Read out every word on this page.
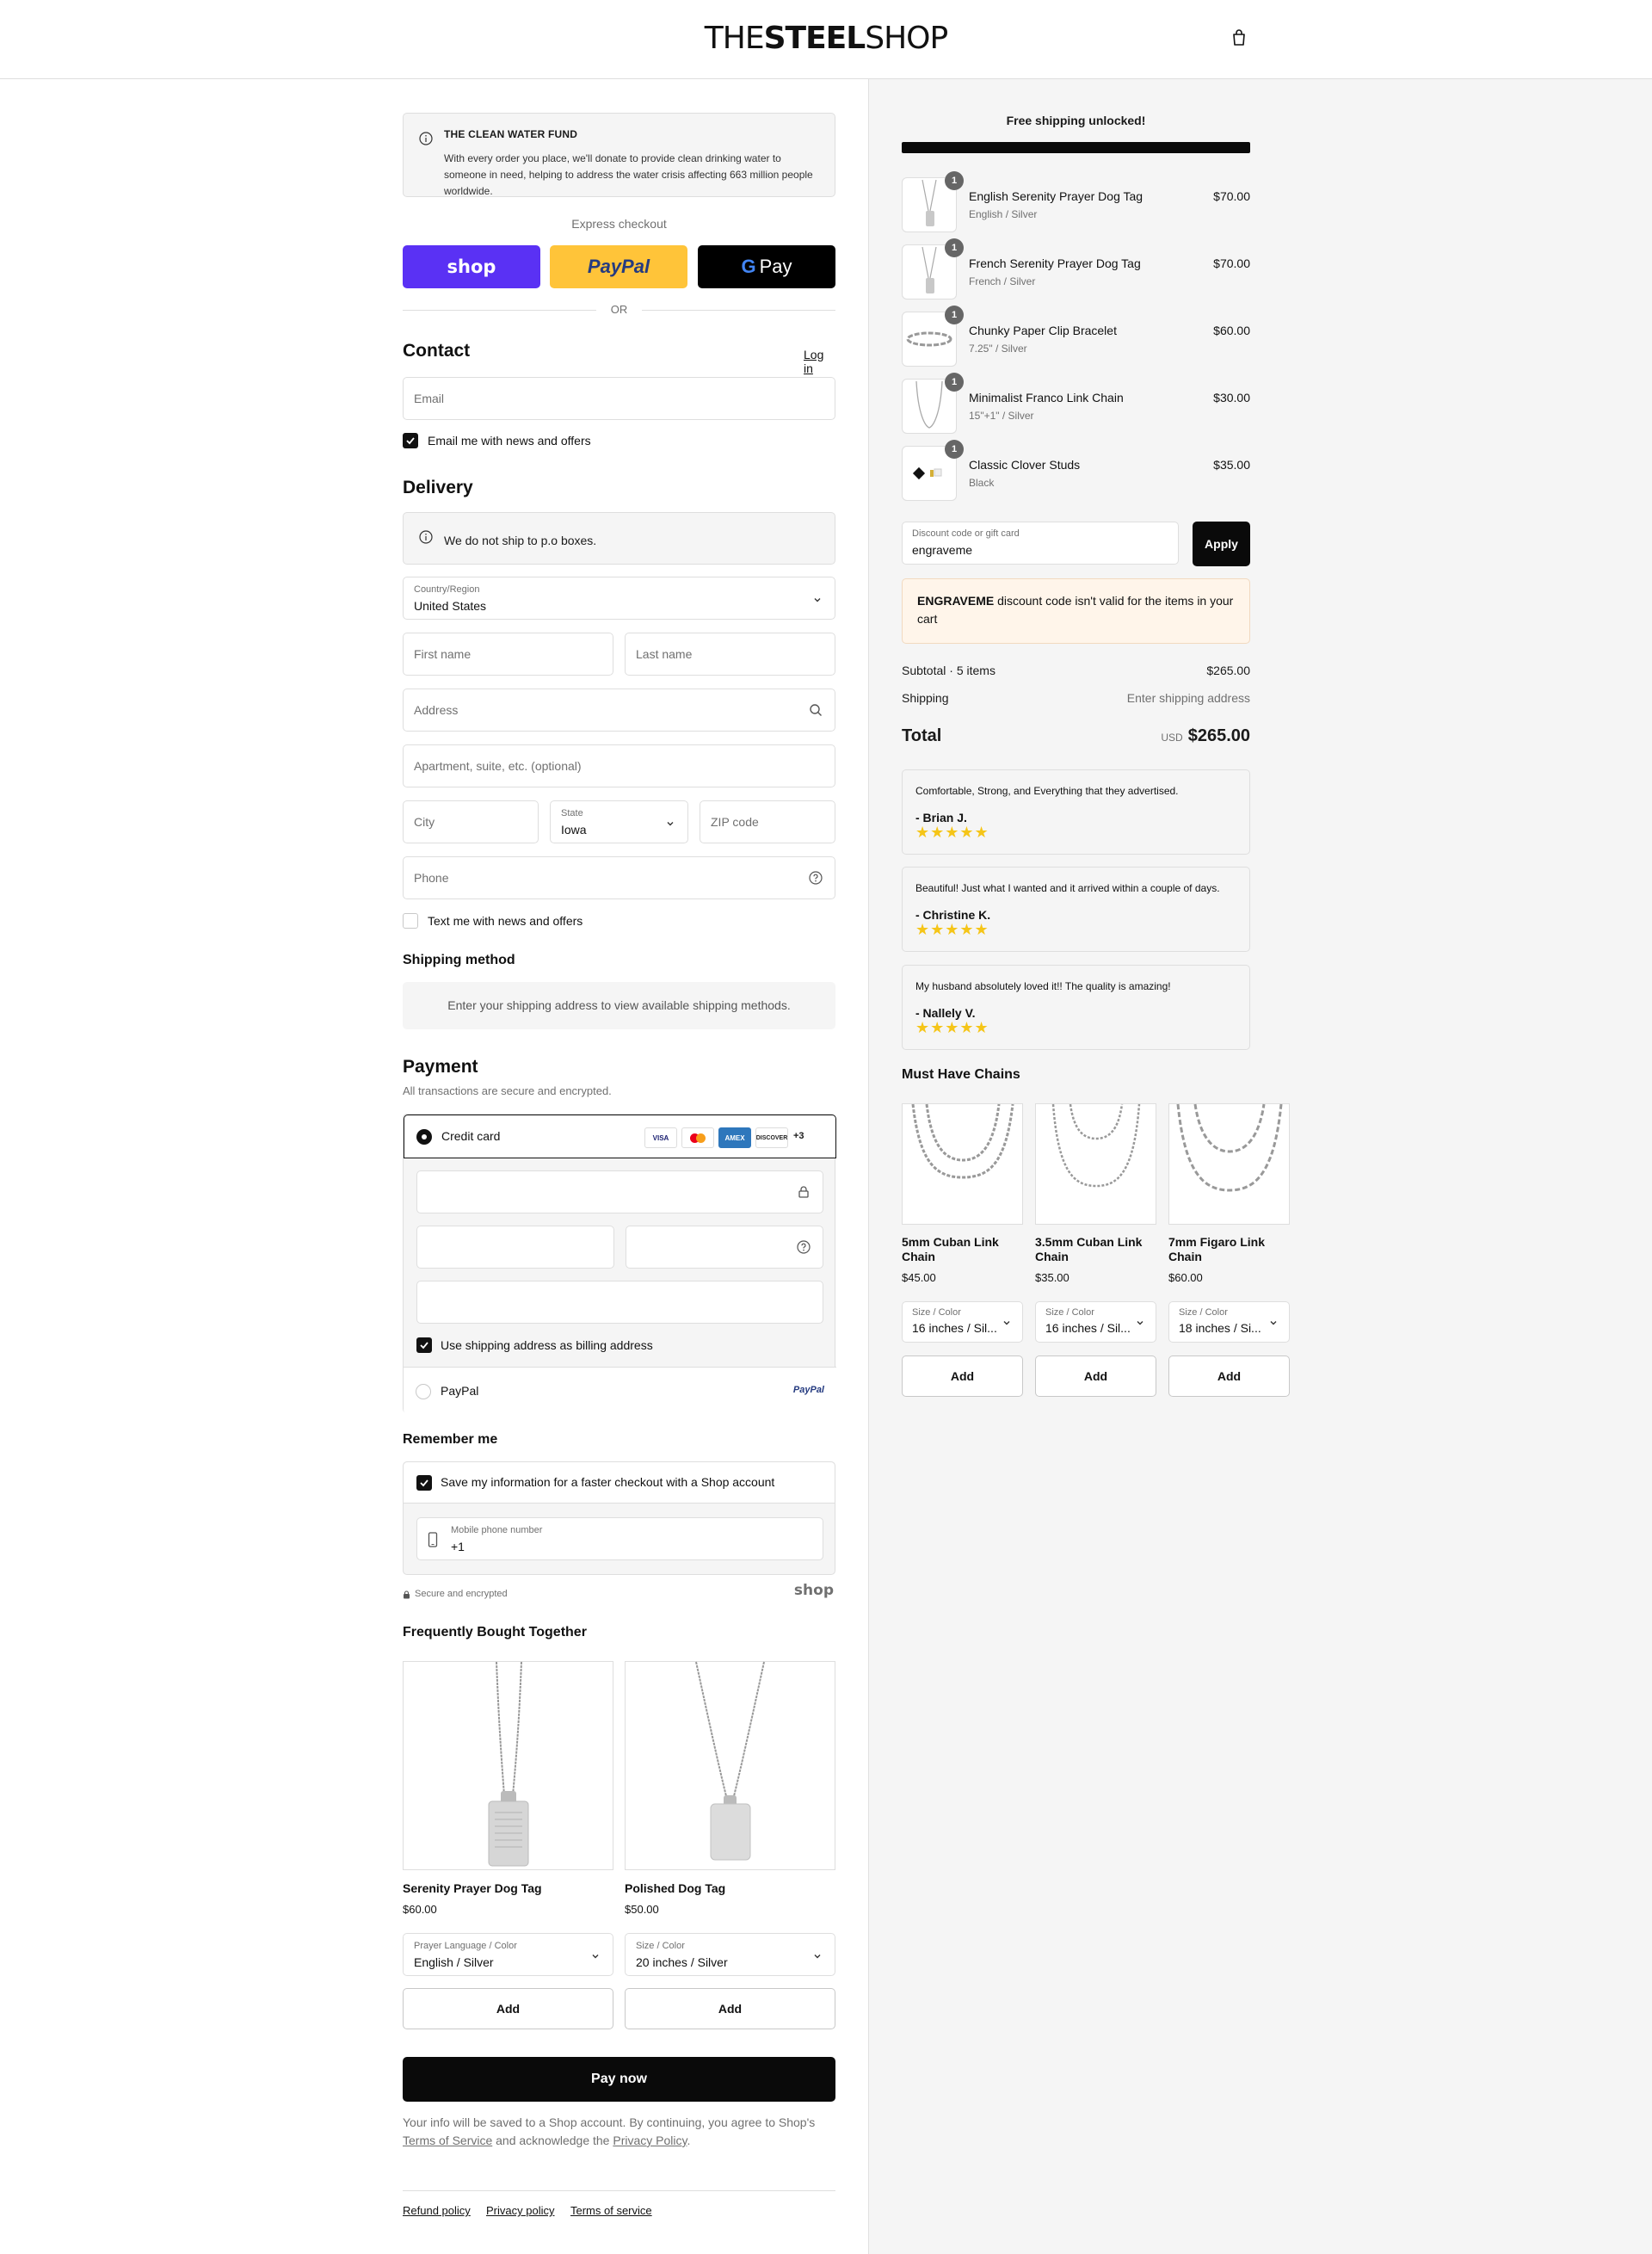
THESTEELSHOP
THE CLEAN WATER FUND
With every order you place, we'll donate to provide clean drinking water to someone in need, helping to address the water crisis affecting 663 million people worldwide.
Express checkout
shop	PayPal	G Pay
OR
Contact	Log in
Email
Email me with news and offers
Delivery
We do not ship to p.o boxes.
Country/Region
United States
First name	Last name
Address
Apartment, suite, etc. (optional)
City
State
Iowa
ZIP code
Phone
Text me with news and offers
Shipping method
Enter your shipping address to view available shipping methods.
Payment
All transactions are secure and encrypted.
Credit card	VISA	AMEX	DISCOVER +3
Use shipping address as billing address
PayPal	PayPal
Remember me
Save my information for a faster checkout with a Shop account
Mobile phone number
+1
Secure and encrypted	shop
Frequently Bought Together
Serenity Prayer Dog Tag
$60.00
Polished Dog Tag
$50.00
Prayer Language / Color
English / Silver
Size / Color
20 inches / Silver
Add	Add
Pay now
Your info will be saved to a Shop account. By continuing, you agree to Shop's
Terms of Service and acknowledge the Privacy Policy.
Refund policy Privacy policy Terms of service
Free shipping unlocked!
1
English Serenity Prayer Dog Tag
English / Silver
$70.00
1
French Serenity Prayer Dog Tag
French / Silver
$70.00
1
Chunky Paper Clip Bracelet
7.25" / Silver
$60.00
1
Minimalist Franco Link Chain
15"+1" / Silver
$30.00
1
Classic Clover Studs
Black
$35.00
Discount code or gift card
engraveme	Apply

ENGRAVEME discount code isn't valid for the items in your cart

Subtotal · 5 items	$265.00
Shipping	Enter shipping address
Total	USD $265.00
Comfortable, Strong, and Everything that they advertised.
- Brian J.
★★★★★
Beautiful! Just what I wanted and it arrived within a couple of days.
- Christine K.
★★★★★
My husband absolutely loved it!! The quality is amazing!
- Nallely V.
★★★★★
Must Have Chains
5mm Cuban Link Chain
$45.00
3.5mm Cuban Link Chain
$35.00
7mm Figaro Link Chain
$60.00
Size / Color
16 inches / Sil...
Size / Color
16 inches / Sil...
Size / Color
18 inches / Si...
Add	Add	Add
